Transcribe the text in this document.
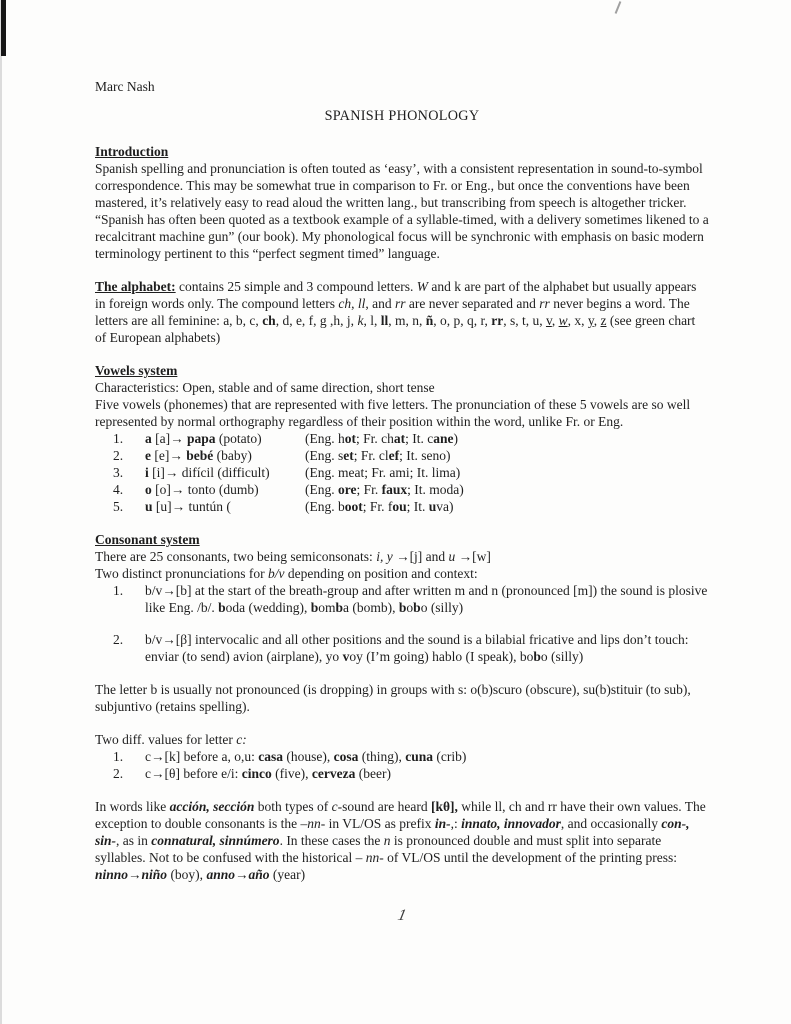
Marc Nash
SPANISH PHONOLOGY
Introduction
Spanish spelling and pronunciation is often touted as ‘easy’, with a consistent representation in sound-to-symbol correspondence. This may be somewhat true in comparison to Fr. or Eng., but once the conventions have been mastered, it’s relatively easy to read aloud the written lang., but transcribing from speech is altogether tricker. “Spanish has often been quoted as a textbook example of a syllable-timed, with a delivery sometimes likened to a recalcitrant machine gun” (our book). My phonological focus will be synchronic with emphasis on basic modern terminology pertinent to this “perfect segment timed” language.
The alphabet: contains 25 simple and 3 compound letters. W and k are part of the alphabet but usually appears in foreign words only. The compound letters ch, ll, and rr are never separated and rr never begins a word. The letters are all feminine: a, b, c, ch, d, e, f, g ,h, j, k, l, ll, m, n, ñ, o, p, q, r, rr, s, t, u, v, w, x, y, z (see green chart of European alphabets)
Vowels system
Characteristics: Open, stable and of same direction, short tense
Five vowels (phonemes) that are represented with five letters. The pronunciation of these 5 vowels are so well represented by normal orthography regardless of their position within the word, unlike Fr. or Eng.
1.	a [a]→ papa (potato)	(Eng. hot; Fr. chat; It. cane)
2.	e [e]→ bebé (baby)	(Eng. set; Fr. clef; It. seno)
3.	i [i]→ difícil (difficult)	(Eng. meat; Fr. ami; It. lima)
4.	o [o]→ tonto (dumb)	(Eng. ore; Fr. faux; It. moda)
5.	u [u]→ tuntún (	(Eng. boot; Fr. fou; It. uva)
Consonant system
There are 25 consonants, two being semiconsonats: i, y →[j] and u →[w]
Two distinct pronunciations for b/v depending on position and context:
1.	b/v→[b] at the start of the breath-group and after written m and n (pronounced [m]) the sound is plosive like Eng. /b/. boda (wedding), bomba (bomb), bobo (silly)
2.	b/v→[β] intervocalic and all other positions and the sound is a bilabial fricative and lips don’t touch: enviar (to send) avion (airplane), yo voy (I’m going) hablo (I speak), bobo (silly)
The letter b is usually not pronounced (is dropping) in groups with s: o(b)scuro (obscure), su(b)stituir (to sub), subjuntivo (retains spelling).
Two diff. values for letter c:
1.	c→[k] before a, o,u: casa (house), cosa (thing), cuna (crib)
2.	c→[θ] before e/i: cinco (five), cerveza (beer)
In words like acción, sección both types of c-sound are heard [kθ], while ll, ch and rr have their own values. The exception to double consonants is the –nn- in VL/OS as prefix in-,: innato, innovador, and occasionally con-, sin-, as in connatural, sinnúmero. In these cases the n is pronounced double and must split into separate syllables. Not to be confused with the historical – nn- of VL/OS until the development of the printing press: ninno→niño (boy), anno→año (year)
1
